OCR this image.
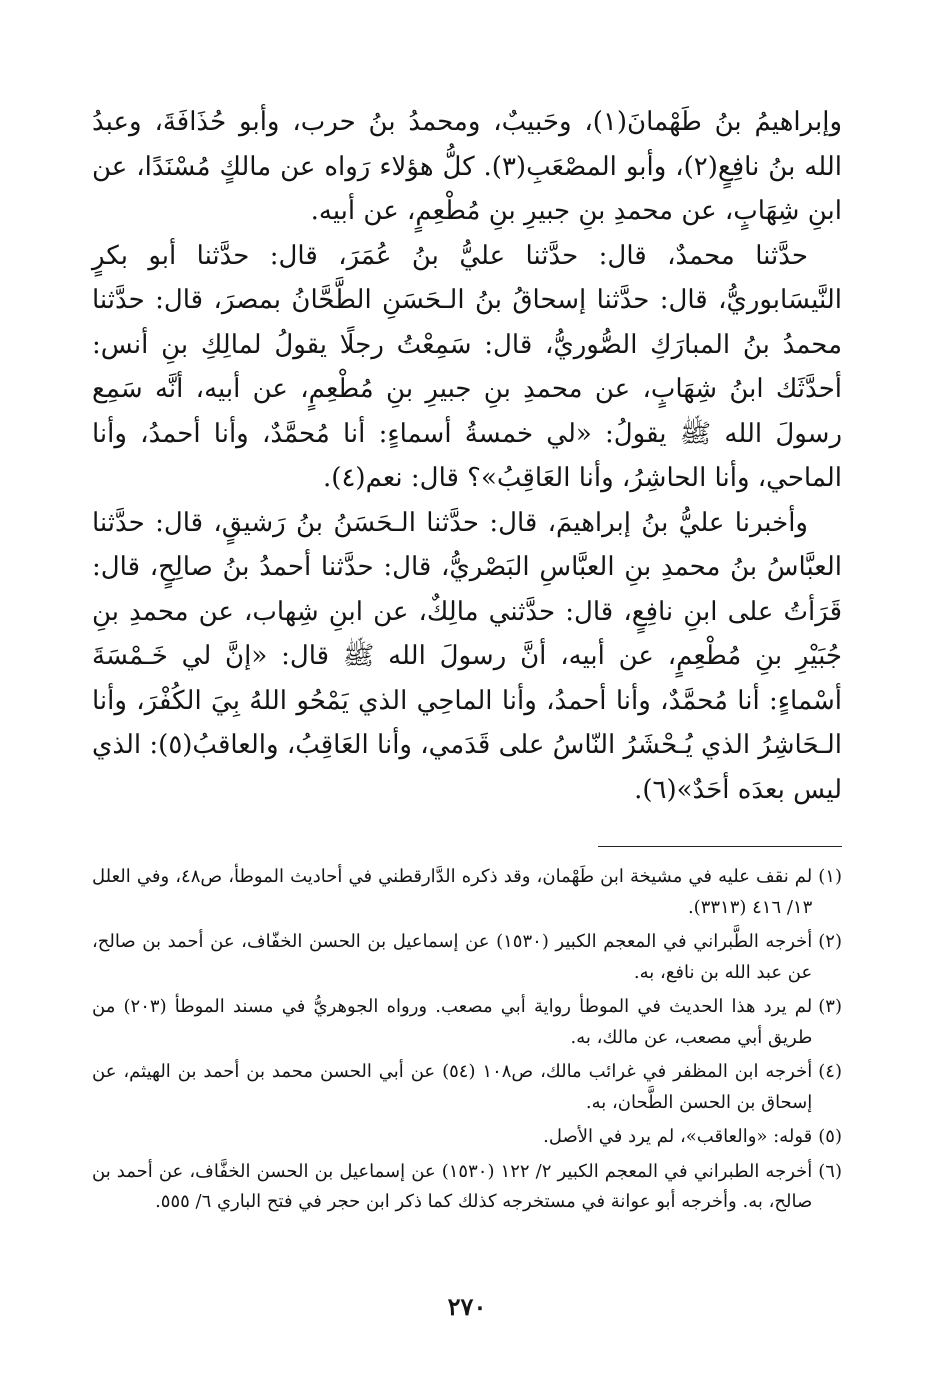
وإبراهيمُ بنُ طَهْمانَ(١)، وحَبيبٌ، ومحمدُ بنُ حرب، وأبو حُذَافَةَ، وعبدُ الله بنُ نافِعٍ(٢)، وأبو المصْعَبِ(٣). كلُّ هؤلاء رَواه عن مالكٍ مُسْنَدًا، عن ابنِ شِهَابٍ، عن محمدِ بنِ جبيرِ بنِ مُطْعِمٍ، عن أبيه.

حدَّثنا محمدٌ، قال: حدَّثنا عليُّ بنُ عُمَرَ، قال: حدَّثنا أبو بكرٍ النَّيسَابوريُّ، قال: حدَّثنا إسحاقُ بنُ الـحَسَنِ الطَّحَّانُ بمصرَ، قال: حدَّثنا محمدُ بنُ المبارَكِ الصُّوريُّ، قال: سَمِعْتُ رجلًا يقولُ لمالِكِ بنِ أنس: أحدَّثَك ابنُ شِهَابٍ، عن محمدِ بنِ جبيرِ بنِ مُطْعِمٍ، عن أبيه، أنَّه سَمِع رسولَ الله ﷺ يقولُ: «لي خمسةُ أسماءٍ: أنا مُحمَّدٌ، وأنا أحمدُ، وأنا الماحي، وأنا الحاشِرُ، وأنا العَاقِبُ»؟ قال: نعم(٤).

وأخبرنا عليُّ بنُ إبراهيمَ، قال: حدَّثنا الـحَسَنُ بنُ رَشيقٍ، قال: حدَّثنا العبَّاسُ بنُ محمدِ بنِ العبَّاسِ البَصْريُّ، قال: حدَّثنا أحمدُ بنُ صالِحٍ، قال: قَرَأتُ على ابنِ نافِعٍ، قال: حدَّثني مالِكٌ، عن ابنِ شِهاب، عن محمدِ بنِ جُبَيْرِ بنِ مُطْعِمٍ، عن أبيه، أنَّ رسولَ الله ﷺ قال: «إنَّ لي خَـمْسَةَ أسْماءٍ: أنا مُحمَّدٌ، وأنا أحمدُ، وأنا الماحِي الذي يَمْحُو اللهُ بِيَ الكُفْرَ، وأنا الـحَاشِرُ الذي يُـحْشَرُ النّاسُ على قَدَمي، وأنا العَاقِبُ، والعاقبُ(٥): الذي ليس بعدَه أحَدٌ»(٦).

(١)
لم نقف عليه في مشيخة ابن طَهْمان، وقد ذكره الدَّارقطني في أحاديث الموطأ، ص٤٨، وفي العلل ١٣/ ٤١٦ (٣٣١٣).
(٢)
أخرجه الطَّبراني في المعجم الكبير (١٥٣٠) عن إسماعيل بن الحسن الخفّاف، عن أحمد بن صالح، عن عبد الله بن نافع، به.
(٣)
لم يرد هذا الحديث في الموطأ رواية أبي مصعب. ورواه الجوهريُّ في مسند الموطأ (٢٠٣) من طريق أبي مصعب، عن مالك، به.
(٤)
أخرجه ابن المظفر في غرائب مالك، ص١٠٨ (٥٤) عن أبي الحسن محمد بن أحمد بن الهيثم، عن إسحاق بن الحسن الطَّحان، به.
(٥)
قوله: «والعاقب»، لم يرد في الأصل.
(٦)
أخرجه الطبراني في المعجم الكبير ٢/ ١٢٢ (١٥٣٠) عن إسماعيل بن الحسن الخفَّاف، عن أحمد بن صالح، به. وأخرجه أبو عوانة في مستخرجه كذلك كما ذكر ابن حجر في فتح الباري ٦/ ٥٥٥.
٢٧٠
